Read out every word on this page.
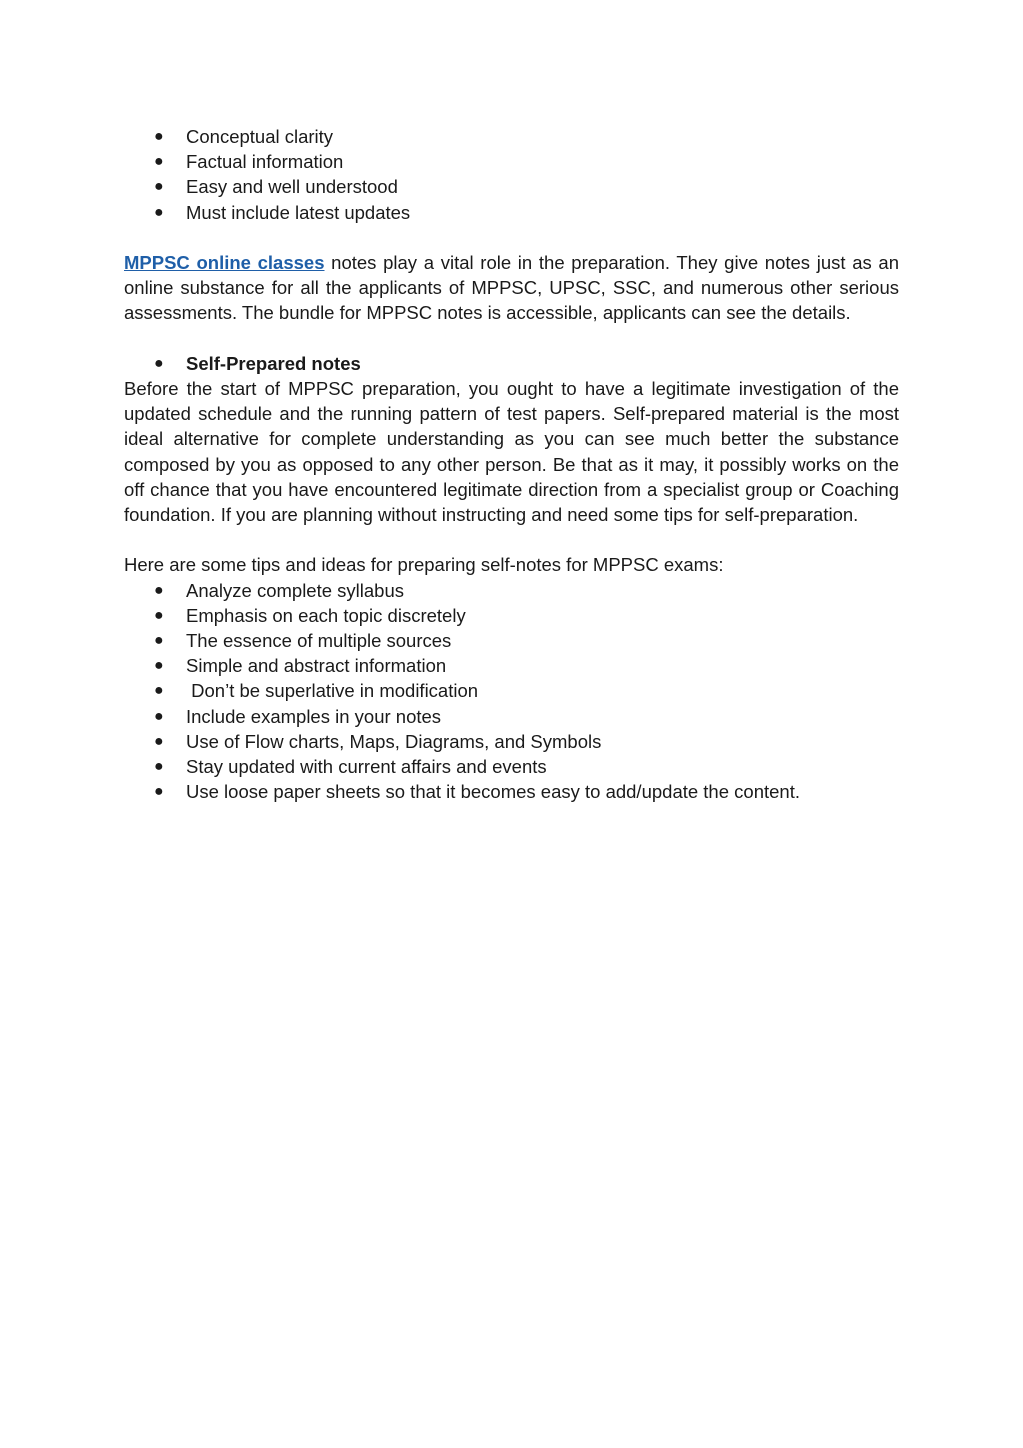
● Conceptual clarity
● Factual information
● Easy and well understood
● Must include latest updates

MPPSC online classes notes play a vital role in the preparation. They give notes just as an online substance for all the applicants of MPPSC, UPSC, SSC, and numerous other serious assessments. The bundle for MPPSC notes is accessible, applicants can see the details.

● Self-Prepared notes

Before the start of MPPSC preparation, you ought to have a legitimate investigation of the updated schedule and the running pattern of test papers. Self-prepared material is the most ideal alternative for complete understanding as you can see much better the substance composed by you as opposed to any other person. Be that as it may, it possibly works on the off chance that you have encountered legitimate direction from a specialist group or Coaching foundation. If you are planning without instructing and need some tips for self-preparation.

Here are some tips and ideas for preparing self-notes for MPPSC exams:

● Analyze complete syllabus
● Emphasis on each topic discretely
● The essence of multiple sources
● Simple and abstract information
● Don’t be superlative in modification
● Include examples in your notes
● Use of Flow charts, Maps, Diagrams, and Symbols
● Stay updated with current affairs and events
● Use loose paper sheets so that it becomes easy to add/update the content.
